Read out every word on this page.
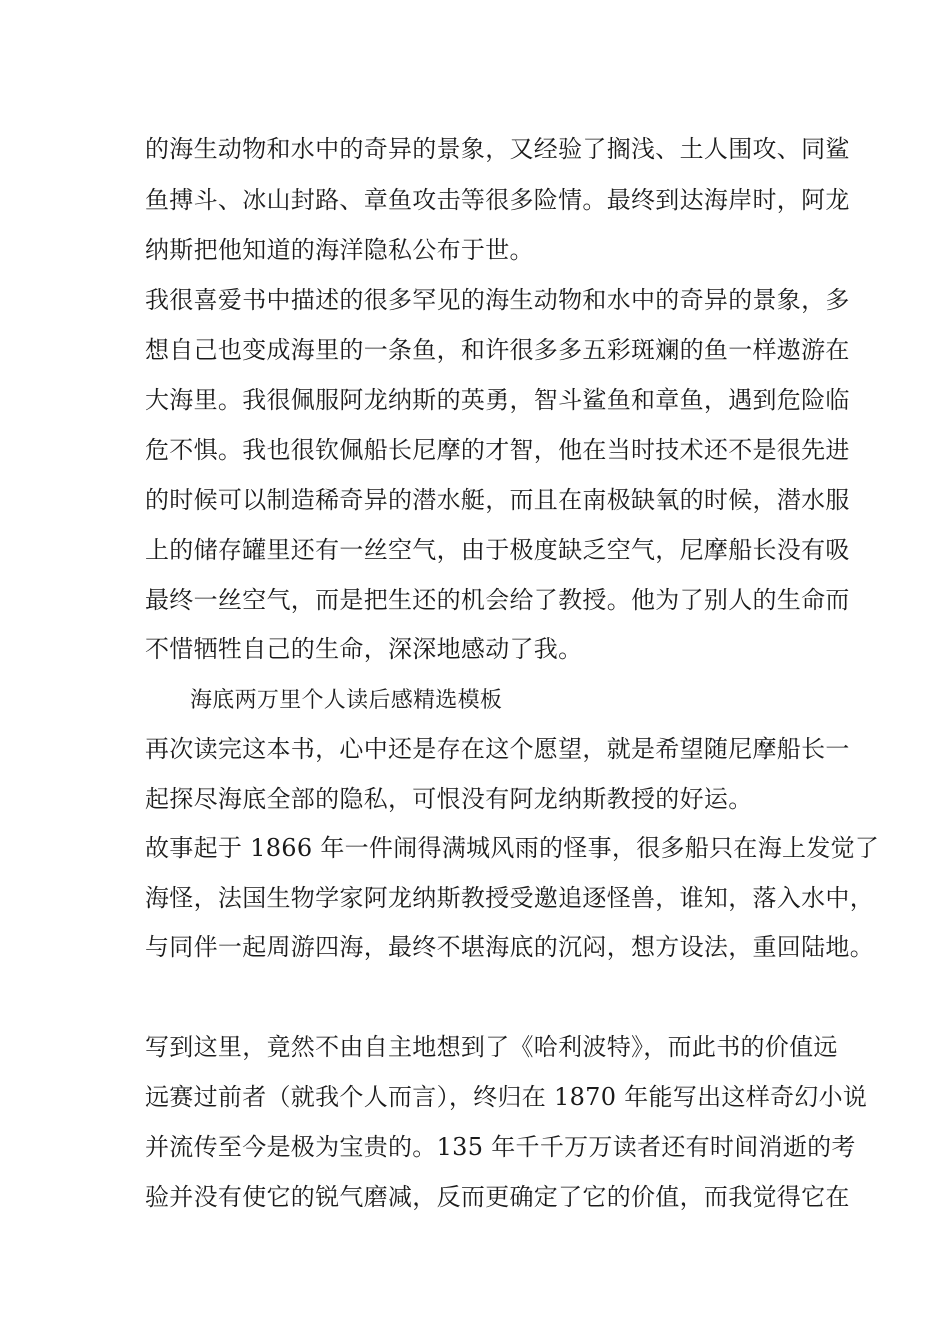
的海生动物和水中的奇异的景象，又经验了搁浅、土人围攻、同鲨
鱼搏斗、冰山封路、章鱼攻击等很多险情。最终到达海岸时，阿龙
纳斯把他知道的海洋隐私公布于世。
我很喜爱书中描述的很多罕见的海生动物和水中的奇异的景象，多
想自己也变成海里的一条鱼，和许很多多五彩斑斓的鱼一样遨游在
大海里。我很佩服阿龙纳斯的英勇，智斗鲨鱼和章鱼，遇到危险临
危不惧。我也很钦佩船长尼摩的才智，他在当时技术还不是很先进
的时候可以制造稀奇异的潜水艇，而且在南极缺氧的时候，潜水服
上的储存罐里还有一丝空气，由于极度缺乏空气，尼摩船长没有吸
最终一丝空气，而是把生还的机会给了教授。他为了别人的生命而
不惜牺牲自己的生命，深深地感动了我。
海底两万里个人读后感精选模板
再次读完这本书，心中还是存在这个愿望，就是希望随尼摩船长一
起探尽海底全部的隐私，可恨没有阿龙纳斯教授的好运。
故事起于 1866 年一件闹得满城风雨的怪事，很多船只在海上发觉了
海怪，法国生物学家阿龙纳斯教授受邀追逐怪兽，谁知，落入水中，
与同伴一起周游四海，最终不堪海底的沉闷，想方设法，重回陆地。
写到这里，竟然不由自主地想到了《哈利波特》，而此书的价值远
远赛过前者（就我个人而言），终归在 1870 年能写出这样奇幻小说
并流传至今是极为宝贵的。135 年千千万万读者还有时间消逝的考
验并没有使它的锐气磨减，反而更确定了它的价值，而我觉得它在
